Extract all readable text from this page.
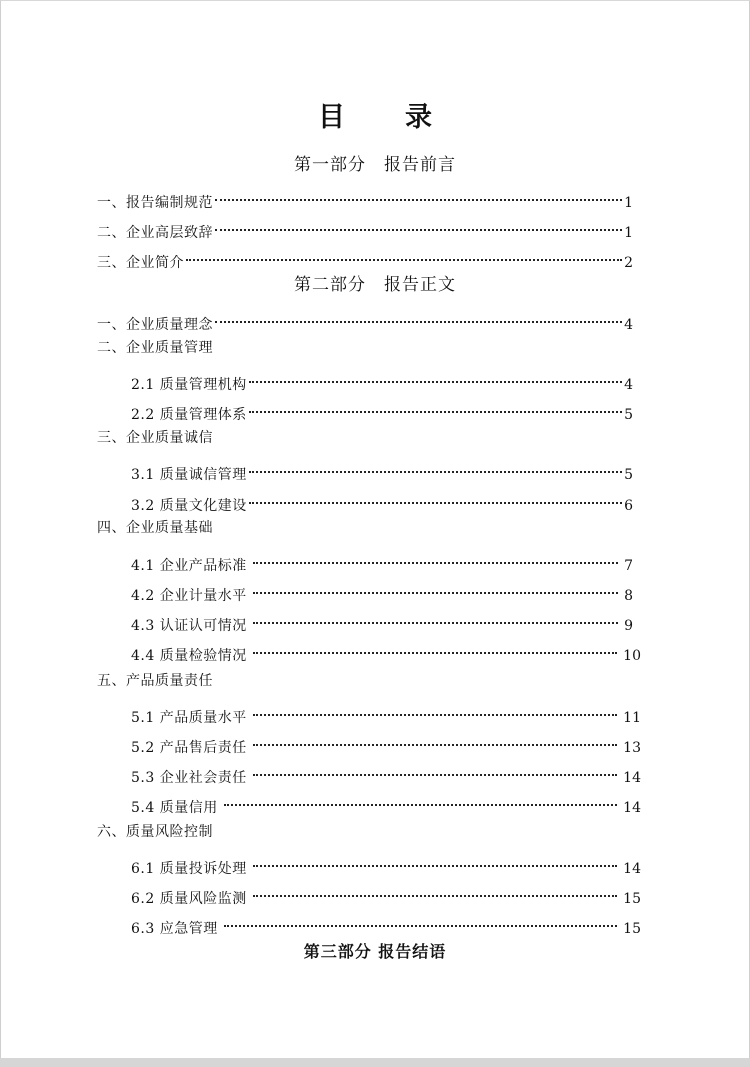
目 录
第一部分　报告前言
一、报告编制规范	1
二、企业高层致辞	1
三、企业简介	2
第二部分　报告正文
一、企业质量理念	4
二、企业质量管理
2.1 质量管理机构	4
2.2 质量管理体系	5
三、企业质量诚信
3.1 质量诚信管理	5
3.2 质量文化建设	6
四、企业质量基础
4.1 企业产品标准	7
4.2 企业计量水平	8
4.3 认证认可情况	9
4.4 质量检验情况	10
五、产品质量责任
5.1 产品质量水平	11
5.2 产品售后责任	13
5.3 企业社会责任	14
5.4 质量信用	14
六、质量风险控制
6.1 质量投诉处理	14
6.2 质量风险监测	15
6.3 应急管理	15
第三部分 报告结语
